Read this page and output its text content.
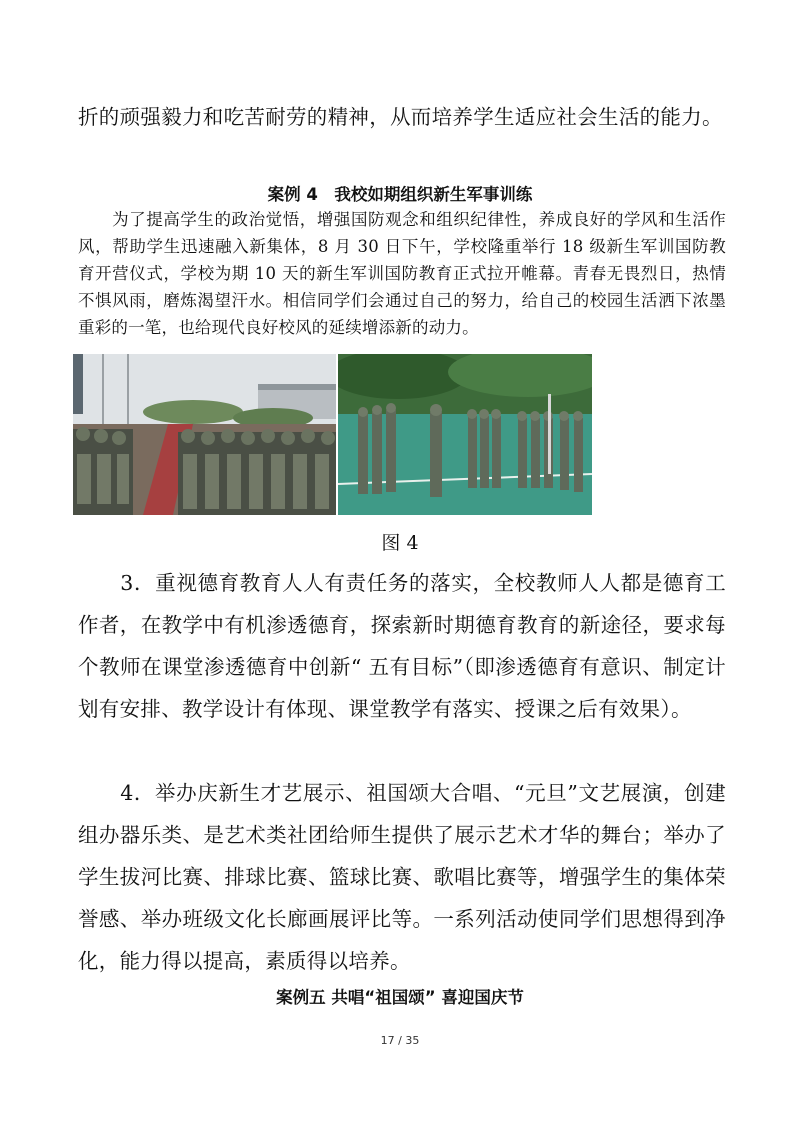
折的顽强毅力和吃苦耐劳的精神，从而培养学生适应社会生活的能力。

案例 4　我校如期组织新生军事训练

　　为了提高学生的政治觉悟，增强国防观念和组织纪律性，养成良好的学风和生活作风，帮助学生迅速融入新集体，8 月 30 日下午，学校隆重举行 18 级新生军训国防教育开营仪式，学校为期 10 天的新生军训国防教育正式拉开帷幕。青春无畏烈日，热情不惧风雨，磨炼渴望汗水。相信同学们会通过自己的努力，给自己的校园生活洒下浓墨重彩的一笔，也给现代良好校风的延续增添新的动力。

图 4

　　3．重视德育教育人人有责任务的落实，全校教师人人都是德育工作者，在教学中有机渗透德育，探索新时期德育教育的新途径，要求每个教师在课堂渗透德育中创新“ 五有目标”（即渗透德育有意识、制定计划有安排、教学设计有体现、课堂教学有落实、授课之后有效果）。

　　4．举办庆新生才艺展示、祖国颂大合唱、“元旦”文艺展演，创建组办器乐类、是艺术类社团给师生提供了展示艺术才华的舞台；举办了学生拔河比赛、排球比赛、篮球比赛、歌唱比赛等，增强学生的集体荣誉感、举办班级文化长廊画展评比等。一系列活动使同学们思想得到净化，能力得以提高，素质得以培养。

案例五 共唱“祖国颂” 喜迎国庆节
17 / 35
